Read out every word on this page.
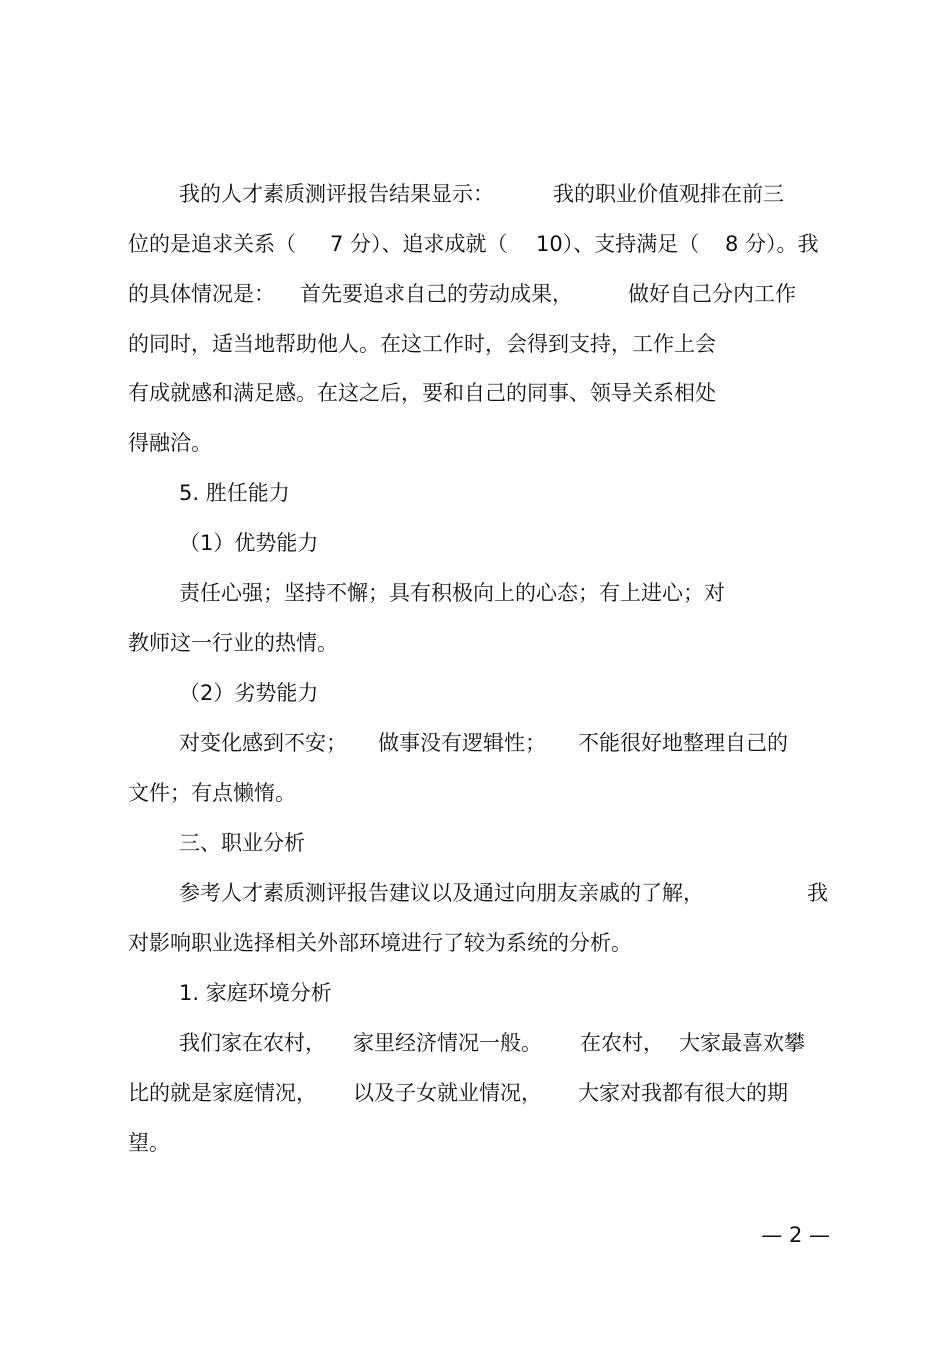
我的人才素质测评报告结果显示：

	我的职业价值观排在前三

位的是追求关系（

7 分）、追求成就（

10）、支持满足（

8 分）。我

的具体情况是：

首先要追求自己的劳动成果，

	做好自己分内工作

的同时，适当地帮助他人。在这工作时，会得到支持，工作上会

有成就感和满足感。在这之后，要和自己的同事、领导关系相处

得融洽。

5. 胜任能力

（1）优势能力

责任心强；坚持不懈；具有积极向上的心态；有上进心；对

教师这一行业的热情。

（2）劣势能力

对变化感到不安；

做事没有逻辑性；

不能很好地整理自己的

文件；有点懒惰。

三、职业分析

参考人才素质测评报告建议以及通过向朋友亲戚的了解，

	我

对影响职业选择相关外部环境进行了较为系统的分析。

1. 家庭环境分析

我们家在农村，

家里经济情况一般。

在农村，

大家最喜欢攀

比的就是家庭情况，

以及子女就业情况，

大家对我都有很大的期

望。

— 2 —
